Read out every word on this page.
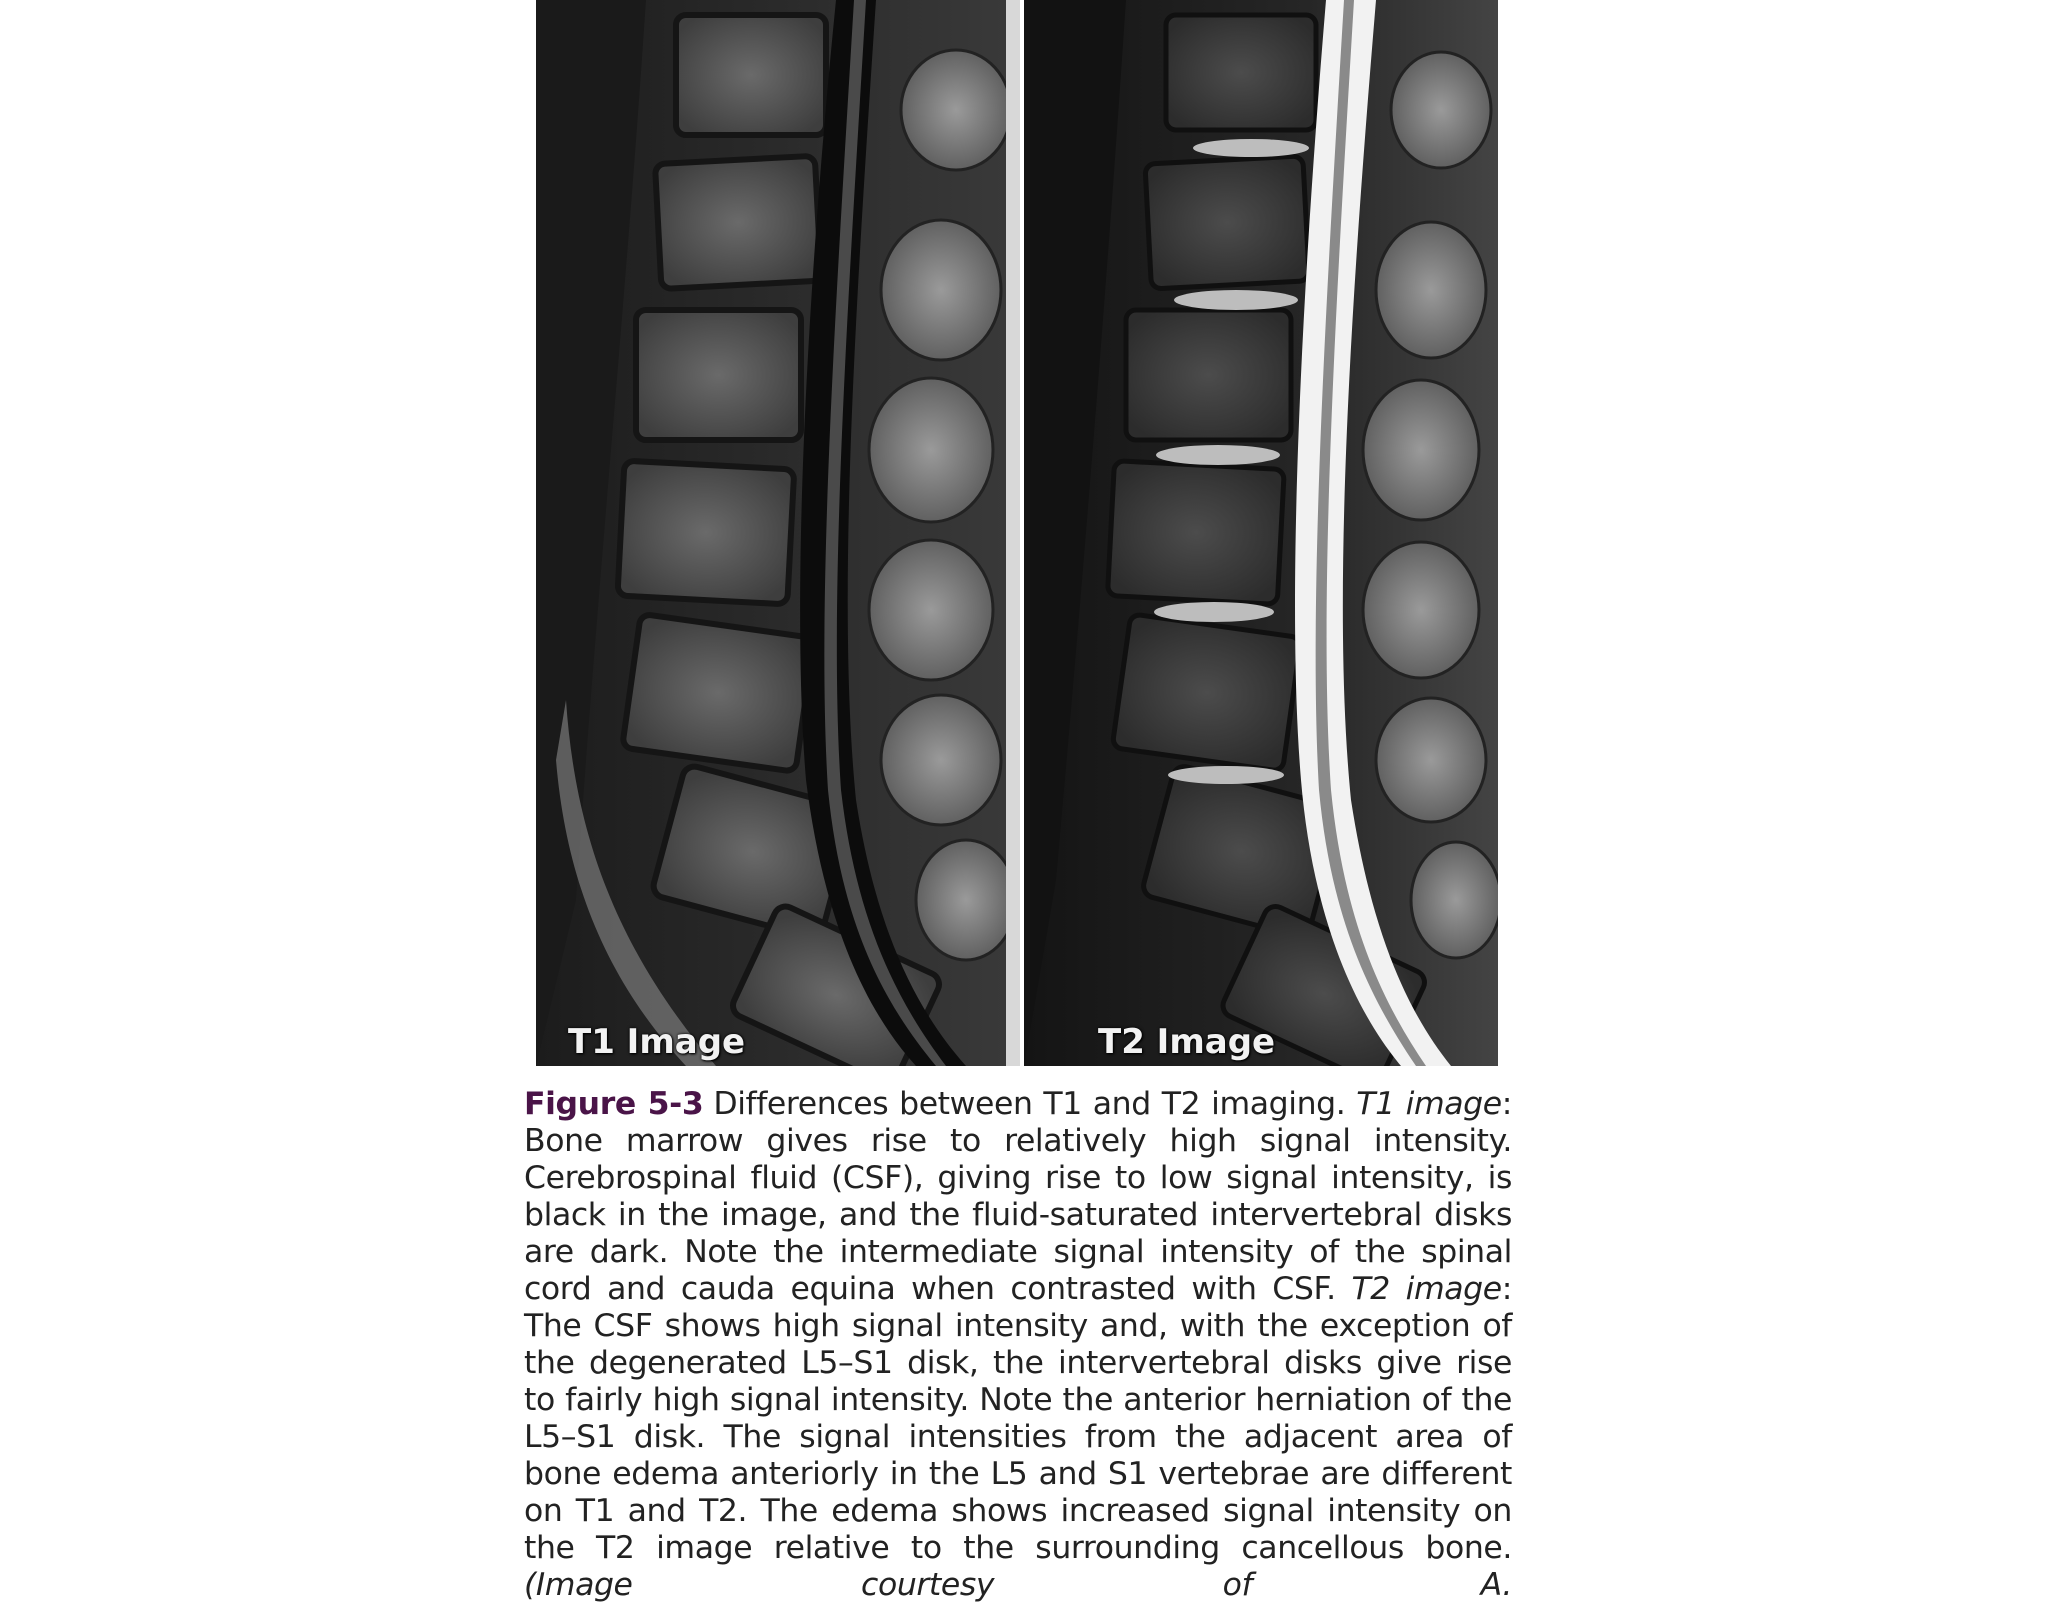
T1 Image	T2 Image
Figure 5-3 Differences between T1 and T2 imaging. T1 image: Bone marrow gives rise to relatively high signal intensity. Cerebrospinal fluid (CSF), giving rise to low signal intensity, is black in the image, and the fluid-saturated intervertebral disks are dark. Note the intermediate signal intensity of the spinal cord and cauda equina when contrasted with CSF. T2 image: The CSF shows high signal intensity and, with the exception of the degenerated L5–S1 disk, the intervertebral disks give rise to fairly high signal intensity. Note the anterior herniation of the L5–S1 disk. The signal intensities from the adjacent area of bone edema anteriorly in the L5 and S1 vertebrae are different on T1 and T2. The edema shows increased signal intensity on the T2 image relative to the surrounding cancellous bone. (Image courtesy of A.
